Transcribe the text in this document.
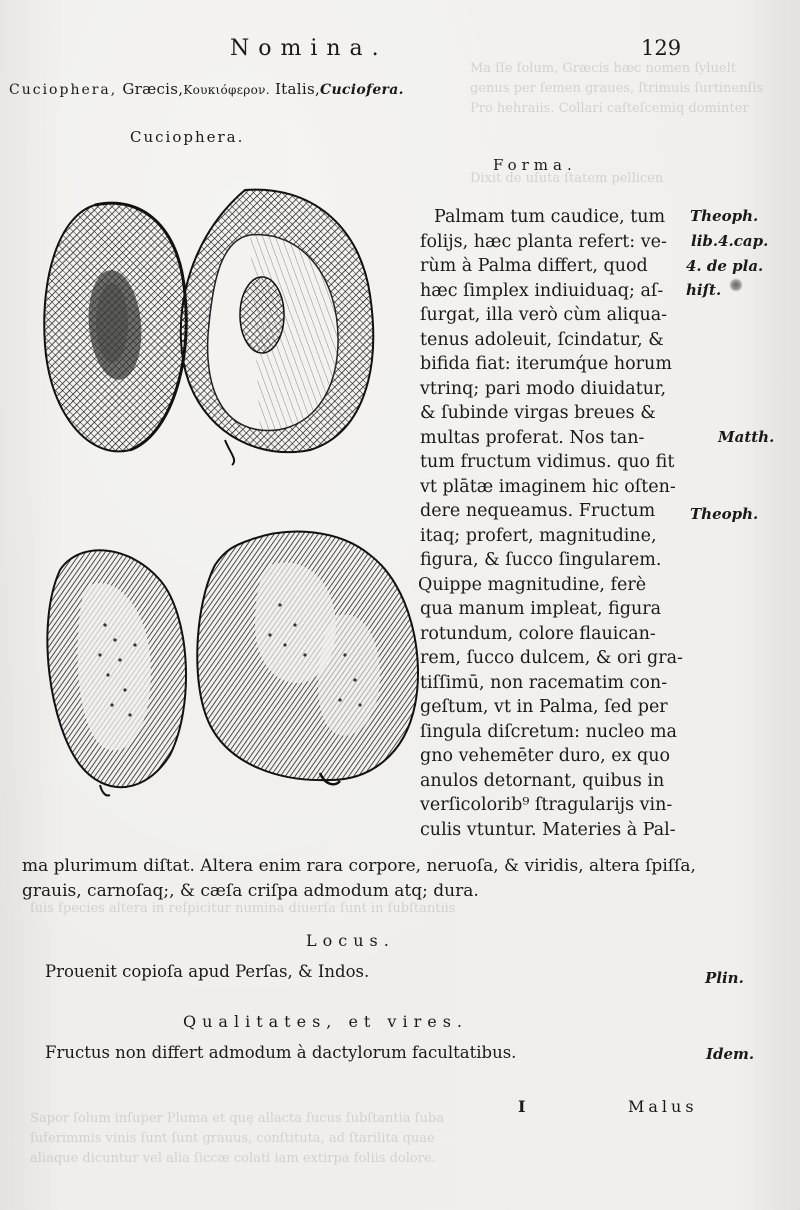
Ma ſſe ſolum, Græcis hæc nomen ſyluelt
genus per ſemen graues, ſtrimuis ſurtinenſis
Pro hehraiis. Collari caſteſcemiq dominter
Dixit de uſuta ſtatem pellicen
ſuis ſpecies altera in reſpicitur numina diuerſa ſunt in ſubſtantiis
Sapor ſolum inſuper Pluma et quę allacta ſucus ſubſtantia ſuba
ſuferimmis vinis ſunt ſunt grauus, conſtituta, ad ſtarilita quae
aliaque dicuntur vel alia ſiccæ colati iam extirpa foliis dolore.
Nomina.	129
Cuciophera, Græcis,Κουκιόφερον. Italis,Cuciofera.
Cuciophera.
Forma.
Palmam tum caudice, tum
folijs, hæc planta refert: ve-
rùm à Palma differt, quod
hæc ſimplex indiuiduaq; aſ-
ſurgat, illa verò cùm aliqua-
tenus adoleuit, ſcindatur, &
bifida fiat: iterumq́ue horum
vtrinq; pari modo diuidatur,
& ſubinde virgas breues &
multas proferat. Nos tan-
tum fructum vidimus. quo fit
vt plātæ imaginem hic oſten-
dere nequeamus. Fructum
itaq; profert, magnitudine,
figura, & ſucco ſingularem.
Quippe magnitudine, ferè
qua manum impleat, figura
rotundum, colore flauican-
rem, ſucco dulcem, & ori gra-
tiſſimū, non racematim con-
geſtum, vt in Palma, ſed per
ſingula diſcretum: nucleo ma
gno vehemēter duro, ex quo
anulos detornant, quibus in
verſicolorib⁹ ſtragularijs vin-
culis vtuntur. Materies à Pal-
ma plurimum diſtat. Altera enim rara corpore, neruoſa, & viridis, altera ſpiſſa,
grauis, carnoſaq;, & cæſa criſpa admodum atq; dura.
Theoph.
lib.4.cap.
4. de pla.
hiſt.
Matth.
Theoph.
Plin.
Idem.
Locus.
Prouenit copioſa apud Perſas, & Indos.
Qualitates, et vires.
Fructus non differt admodum à dactylorum facultatibus.
I	Malus
